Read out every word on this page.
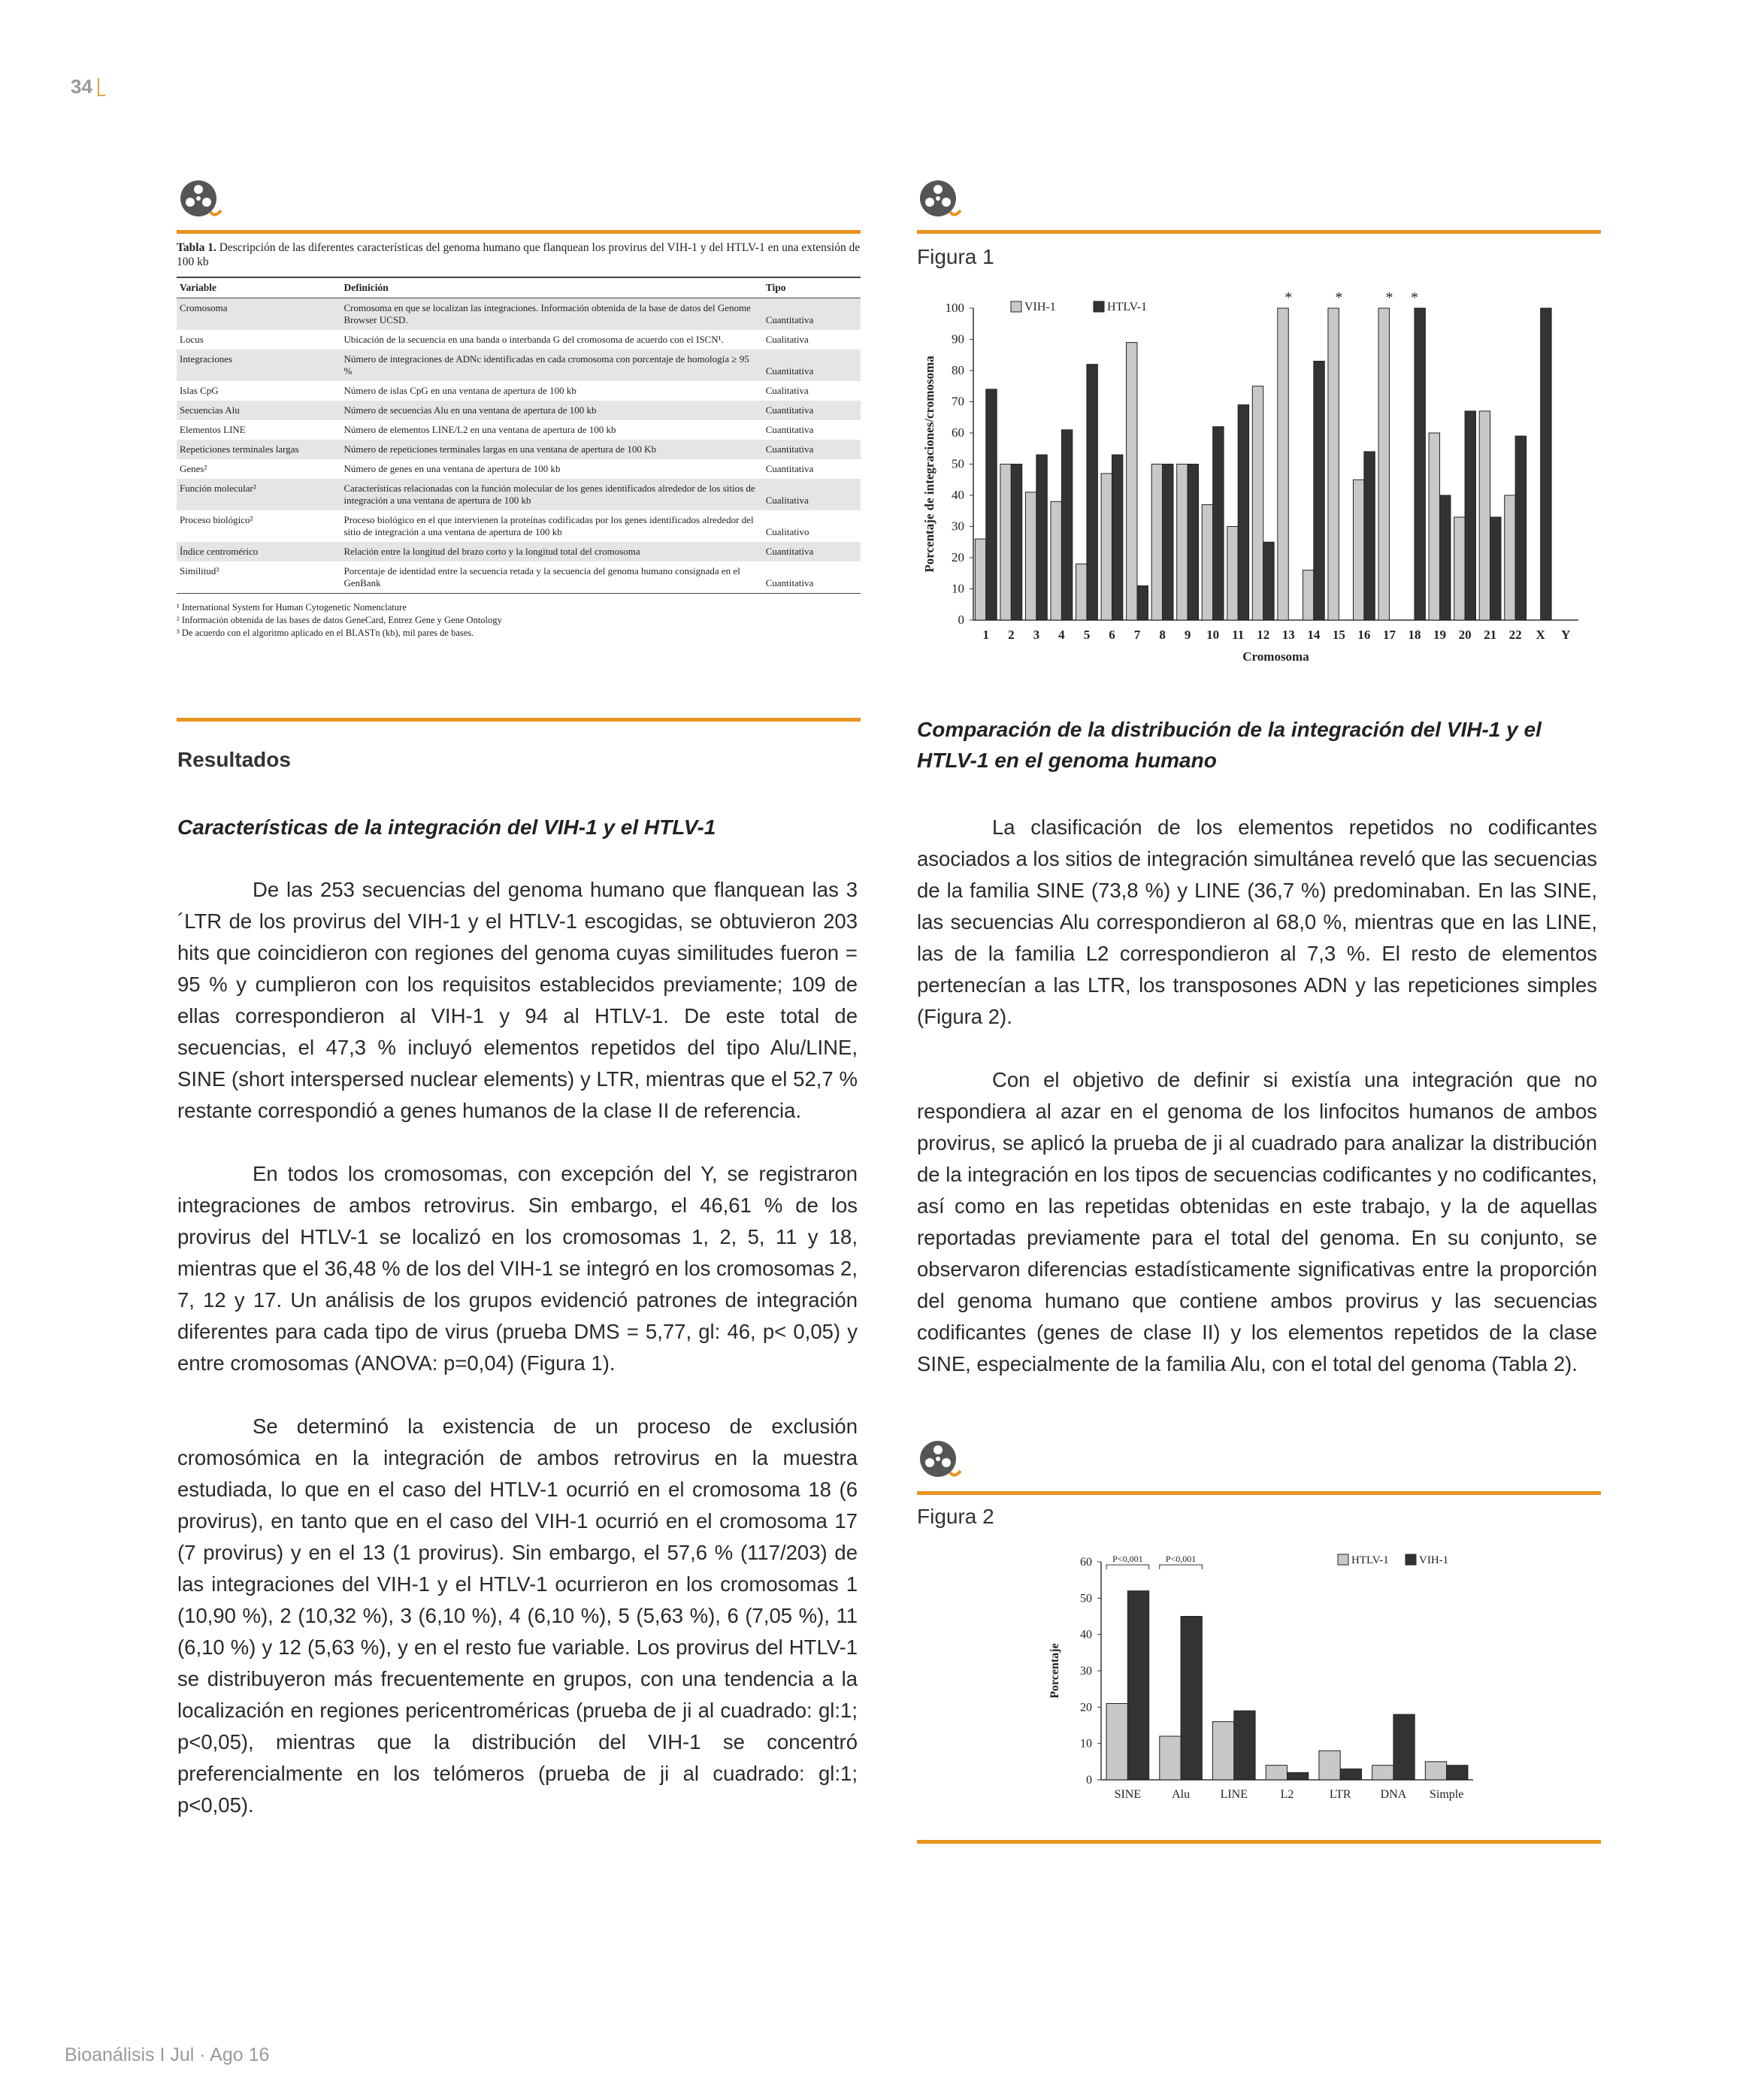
34
Tabla 1. Descripción de las diferentes características del genoma humano que flanquean los provirus del VIH-1 y del HTLV-1 en una extensión de 100 kb
Variable	Definición	Tipo
Cromosoma	Cromosoma en que se localizan las integraciones. Información obtenida de la base de datos del Genome Browser UCSD.	Cuantitativa
Locus	Ubicación de la secuencia en una banda o interbanda G del cromosoma de acuerdo con el ISCN¹.	Cualitativa
Integraciones	Número de integraciones de ADNc identificadas en cada cromosoma con porcentaje de homología ≥ 95 %	Cuantitativa
Islas CpG	Número de islas CpG en una ventana de apertura de 100 kb	Cualitativa
Secuencias Alu	Número de secuencias Alu en una ventana de apertura de 100 kb	Cuantitativa
Elementos LINE	Número de elementos LINE/L2 en una ventana de apertura de 100 kb	Cuantitativa
Repeticiones terminales largas	Número de repeticiones terminales largas en una ventana de apertura de 100 Kb	Cuantitativa
Genes²	Número de genes en una ventana de apertura de 100 kb	Cuantitativa
Función molecular²	Características relacionadas con la función molecular de los genes identificados alrededor de los sitios de integración a una ventana de apertura de 100 kb	Cualitativa
Proceso biológico²	Proceso biológico en el que intervienen la proteínas codificadas por los genes identificados alrededor del sitio de integración a una ventana de apertura de 100 kb	Cualitativo
Índice centromérico	Relación entre la longitud del brazo corto y la longitud total del cromosoma	Cuantitativa
Similitud³	Porcentaje de identidad entre la secuencia retada y la secuencia del genoma humano consignada en el GenBank	Cuantitativa
¹ International System for Human Cytogenetic Nomenclature
² Información obtenida de las bases de datos GeneCard, Entrez Gene y Gene Ontology
³ De acuerdo con el algoritmo aplicado en el BLASTn (kb), mil pares de bases.
Resultados
Características de la integración del VIH-1 y el HTLV-1

De las 253 secuencias del genoma humano que flanquean las 3´LTR de los provirus del VIH-1 y el HTLV-1 escogidas, se obtuvieron 203 hits que coincidieron con regiones del genoma cuyas similitudes fueron = 95 % y cumplieron con los requisitos establecidos previamente; 109 de ellas correspondieron al VIH-1 y 94 al HTLV-1. De este total de secuencias, el 47,3 % incluyó elementos repetidos del tipo Alu/LINE, SINE (short interspersed nuclear elements) y LTR, mientras que el 52,7 % restante correspondió a genes humanos de la clase II de referencia.

En todos los cromosomas, con excepción del Y, se registraron integraciones de ambos retrovirus. Sin embargo, el 46,61 % de los provirus del HTLV-1 se localizó en los cromosomas 1, 2, 5, 11 y 18, mientras que el 36,48 % de los del VIH-1 se integró en los cromosomas 2, 7, 12 y 17. Un análisis de los grupos evidenció patrones de integración diferentes para cada tipo de virus (prueba DMS = 5,77, gl: 46, p< 0,05) y entre cromosomas (ANOVA: p=0,04) (Figura 1).

Se determinó la existencia de un proceso de exclusión cromosómica en la integración de ambos retrovirus en la muestra estudiada, lo que en el caso del HTLV-1 ocurrió en el cromosoma 18 (6 provirus), en tanto que en el caso del VIH-1 ocurrió en el cromosoma 17 (7 provirus) y en el 13 (1 provirus). Sin embargo, el 57,6 % (117/203) de las integraciones del VIH-1 y el HTLV-1 ocurrieron en los cromosomas 1 (10,90 %), 2 (10,32 %), 3 (6,10 %), 4 (6,10 %), 5 (5,63 %), 6 (7,05 %), 11 (6,10 %) y 12 (5,63 %), y en el resto fue variable. Los provirus del HTLV-1 se distribuyeron más frecuentemente en grupos, con una tendencia a la localización en regiones pericentroméricas (prueba de ji al cuadrado: gl:1; p<0,05), mientras que la distribución del VIH-1 se concentró preferencialmente en los telómeros (prueba de ji al cuadrado: gl:1; p<0,05).

Figura 1
0
10
20
30
40
50
60
70
80
90
100
1 2 3 4 5 6 7 8 9 10 11 12 13 14 15 16 17 18 19 20 21 22 X Y
Cromosoma
Porcentaje de integraciones/cromosoma
VIH-1	HTLV-1
*	*	* *
Comparación de la distribución de la integración del VIH-1 y el HTLV-1 en el genoma humano

La clasificación de los elementos repetidos no codificantes asociados a los sitios de integración simultánea reveló que las secuencias de la familia SINE (73,8 %) y LINE (36,7 %) predominaban. En las SINE, las secuencias Alu correspondieron al 68,0 %, mientras que en las LINE, las de la familia L2 correspondieron al 7,3 %. El resto de elementos pertenecían a las LTR, los transposones ADN y las repeticiones simples (Figura 2).

Con el objetivo de definir si existía una integración que no respondiera al azar en el genoma de los linfocitos humanos de ambos provirus, se aplicó la prueba de ji al cuadrado para analizar la distribución de la integración en los tipos de secuencias codificantes y no codificantes, así como en las repetidas obtenidas en este trabajo, y la de aquellas reportadas previamente para el total del genoma. En su conjunto, se observaron diferencias estadísticamente significativas entre la proporción del genoma humano que contiene ambos provirus y las secuencias codificantes (genes de clase II) y los elementos repetidos de la clase SINE, especialmente de la familia Alu, con el total del genoma (Tabla 2).

Figura 2
0
10
20
30
40
50
60
SINE	Alu	LINE	L2	LTR DNA Simple
Porcentaje
HTLV-1	VIH-1
P<0,001	P<0,001
Bioanálisis I Jul · Ago 16
